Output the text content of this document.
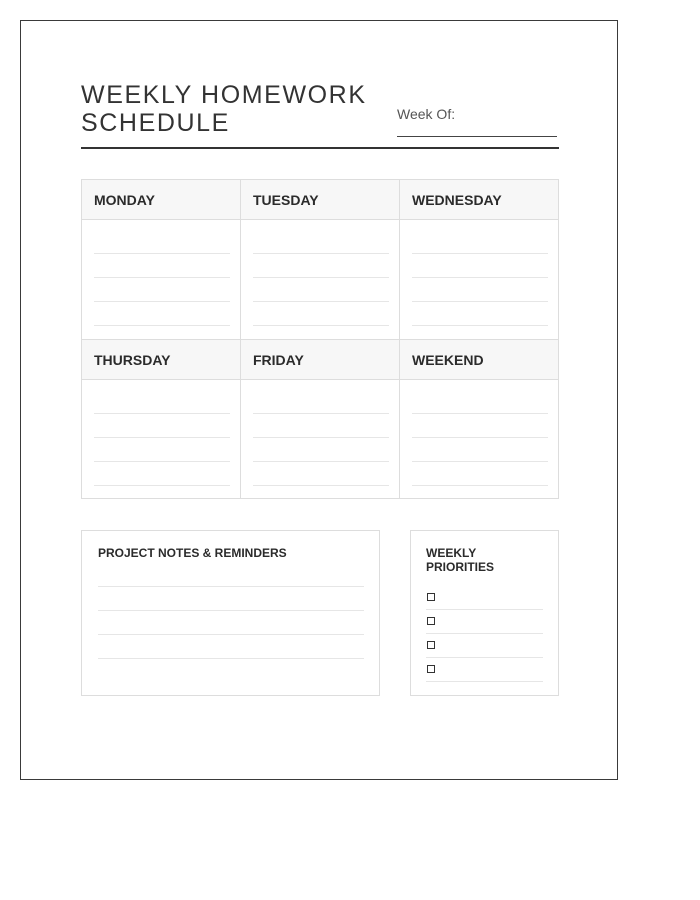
WEEKLY HOMEWORK SCHEDULE	Week Of:
MONDAY	TUESDAY	WEDNESDAY
THURSDAY	FRIDAY	WEEKEND
PROJECT NOTES & REMINDERS	WEEKLY PRIORITIES
